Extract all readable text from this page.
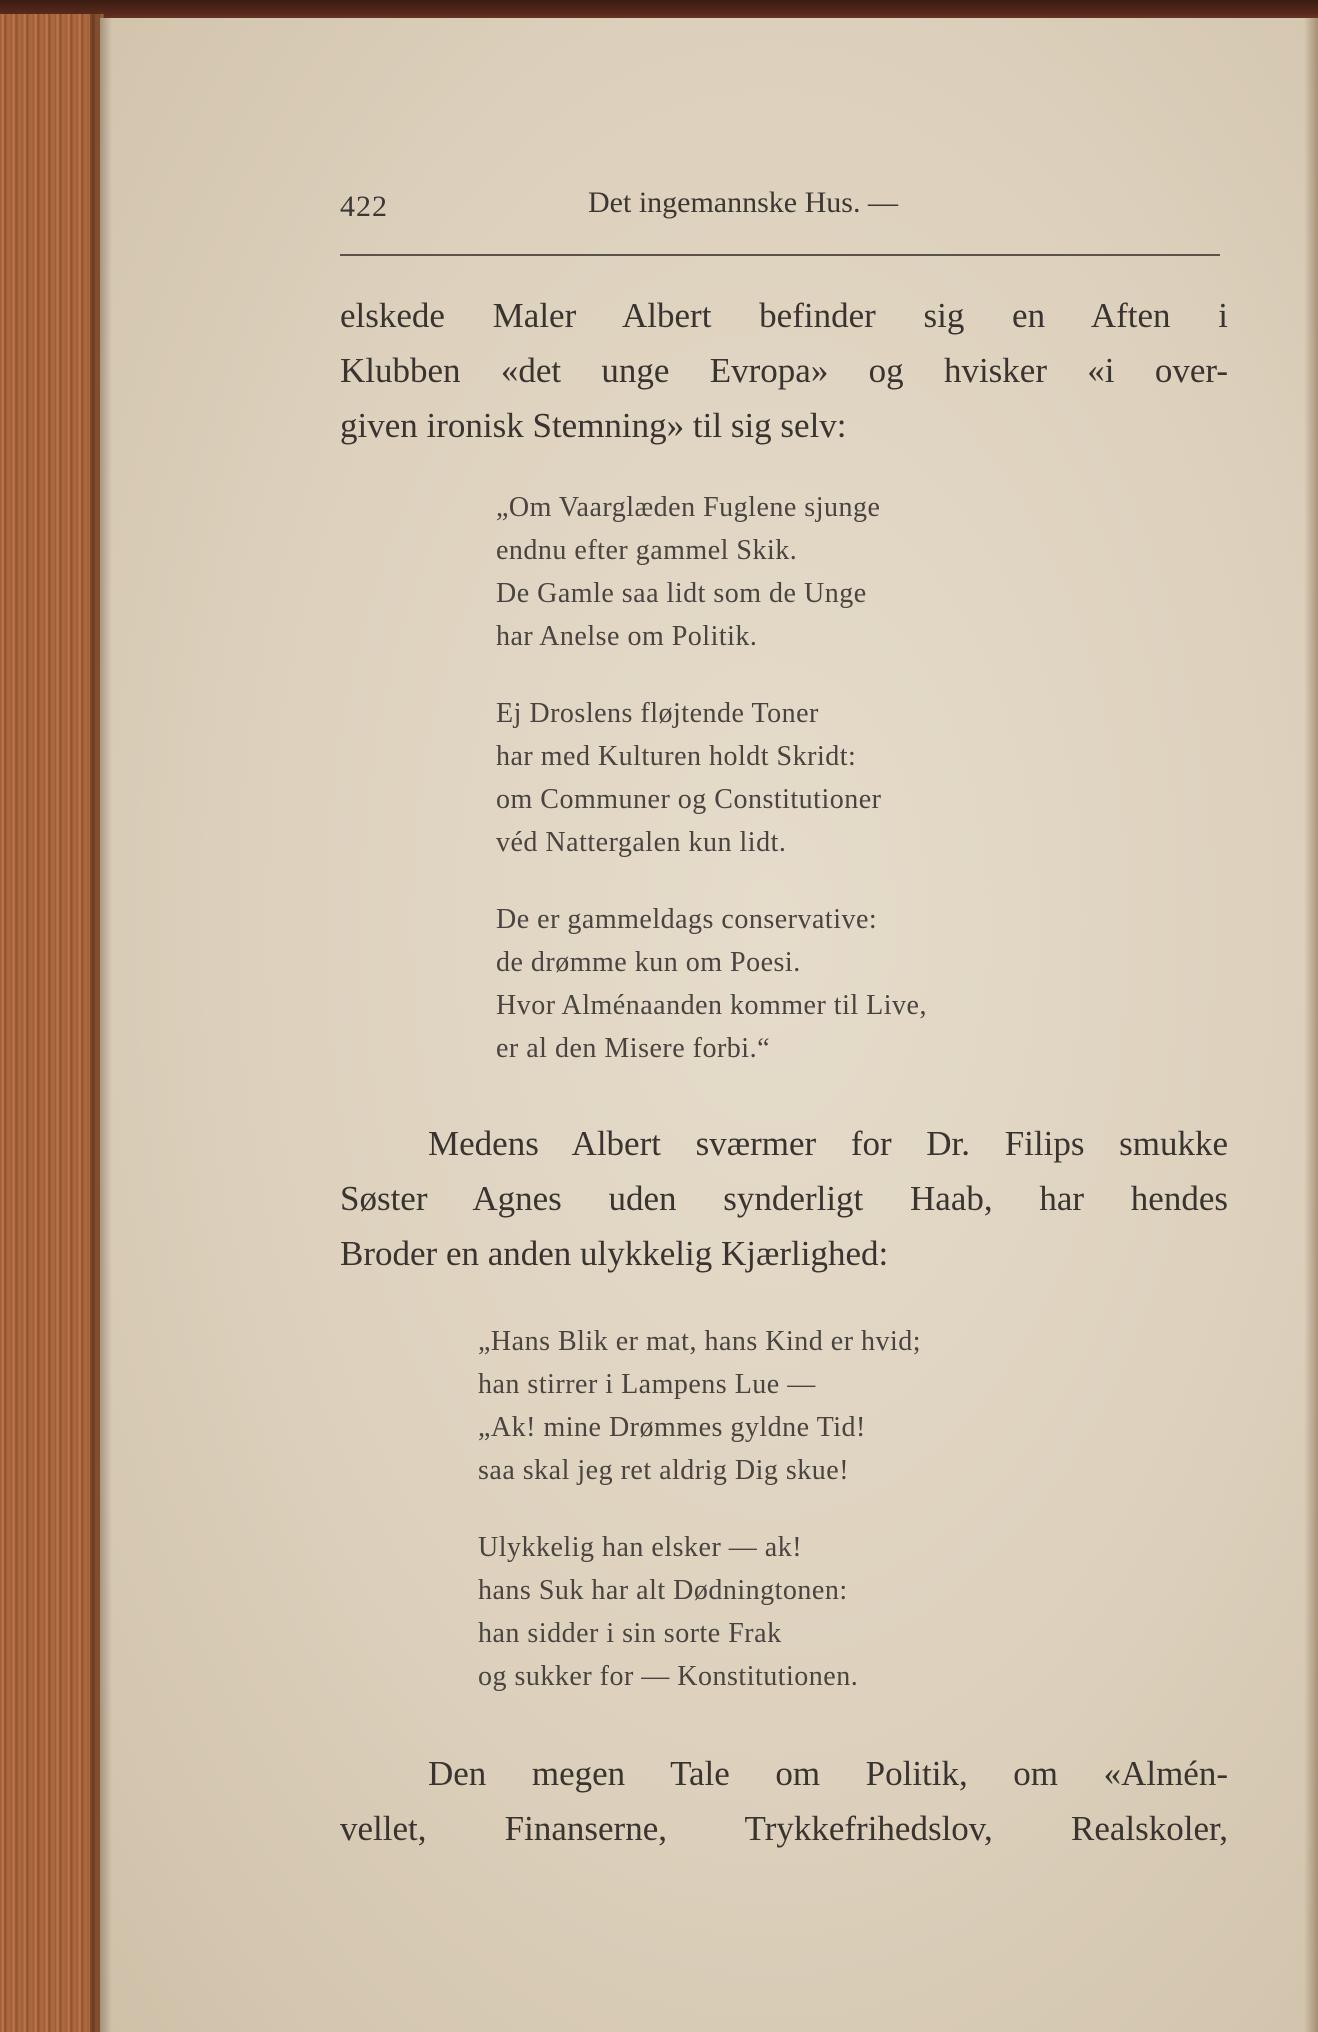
422	Det ingemannske Hus. —
elskede Maler Albert befinder sig en Aften i
Klubben «det unge Evropa» og hvisker «i over-
given ironisk Stemning» til sig selv:
„Om Vaarglæden Fuglene sjunge
endnu efter gammel Skik.
De Gamle saa lidt som de Unge
har Anelse om Politik.
Ej Droslens fløjtende Toner
har med Kulturen holdt Skridt:
om Communer og Constitutioner
véd Nattergalen kun lidt.
De er gammeldags conservative:
de drømme kun om Poesi.
Hvor Alménaanden kommer til Live,
er al den Misere forbi.“
Medens Albert sværmer for Dr. Filips smukke
Søster Agnes uden synderligt Haab, har hendes
Broder en anden ulykkelig Kjærlighed:
„Hans Blik er mat, hans Kind er hvid;
han stirrer i Lampens Lue —
„Ak! mine Drømmes gyldne Tid!
saa skal jeg ret aldrig Dig skue!
Ulykkelig han elsker — ak!
hans Suk har alt Dødningtonen:
han sidder i sin sorte Frak
og sukker for — Konstitutionen.
Den megen Tale om Politik, om «Almén-
vellet, Finanserne, Trykkefrihedslov, Realskoler,
